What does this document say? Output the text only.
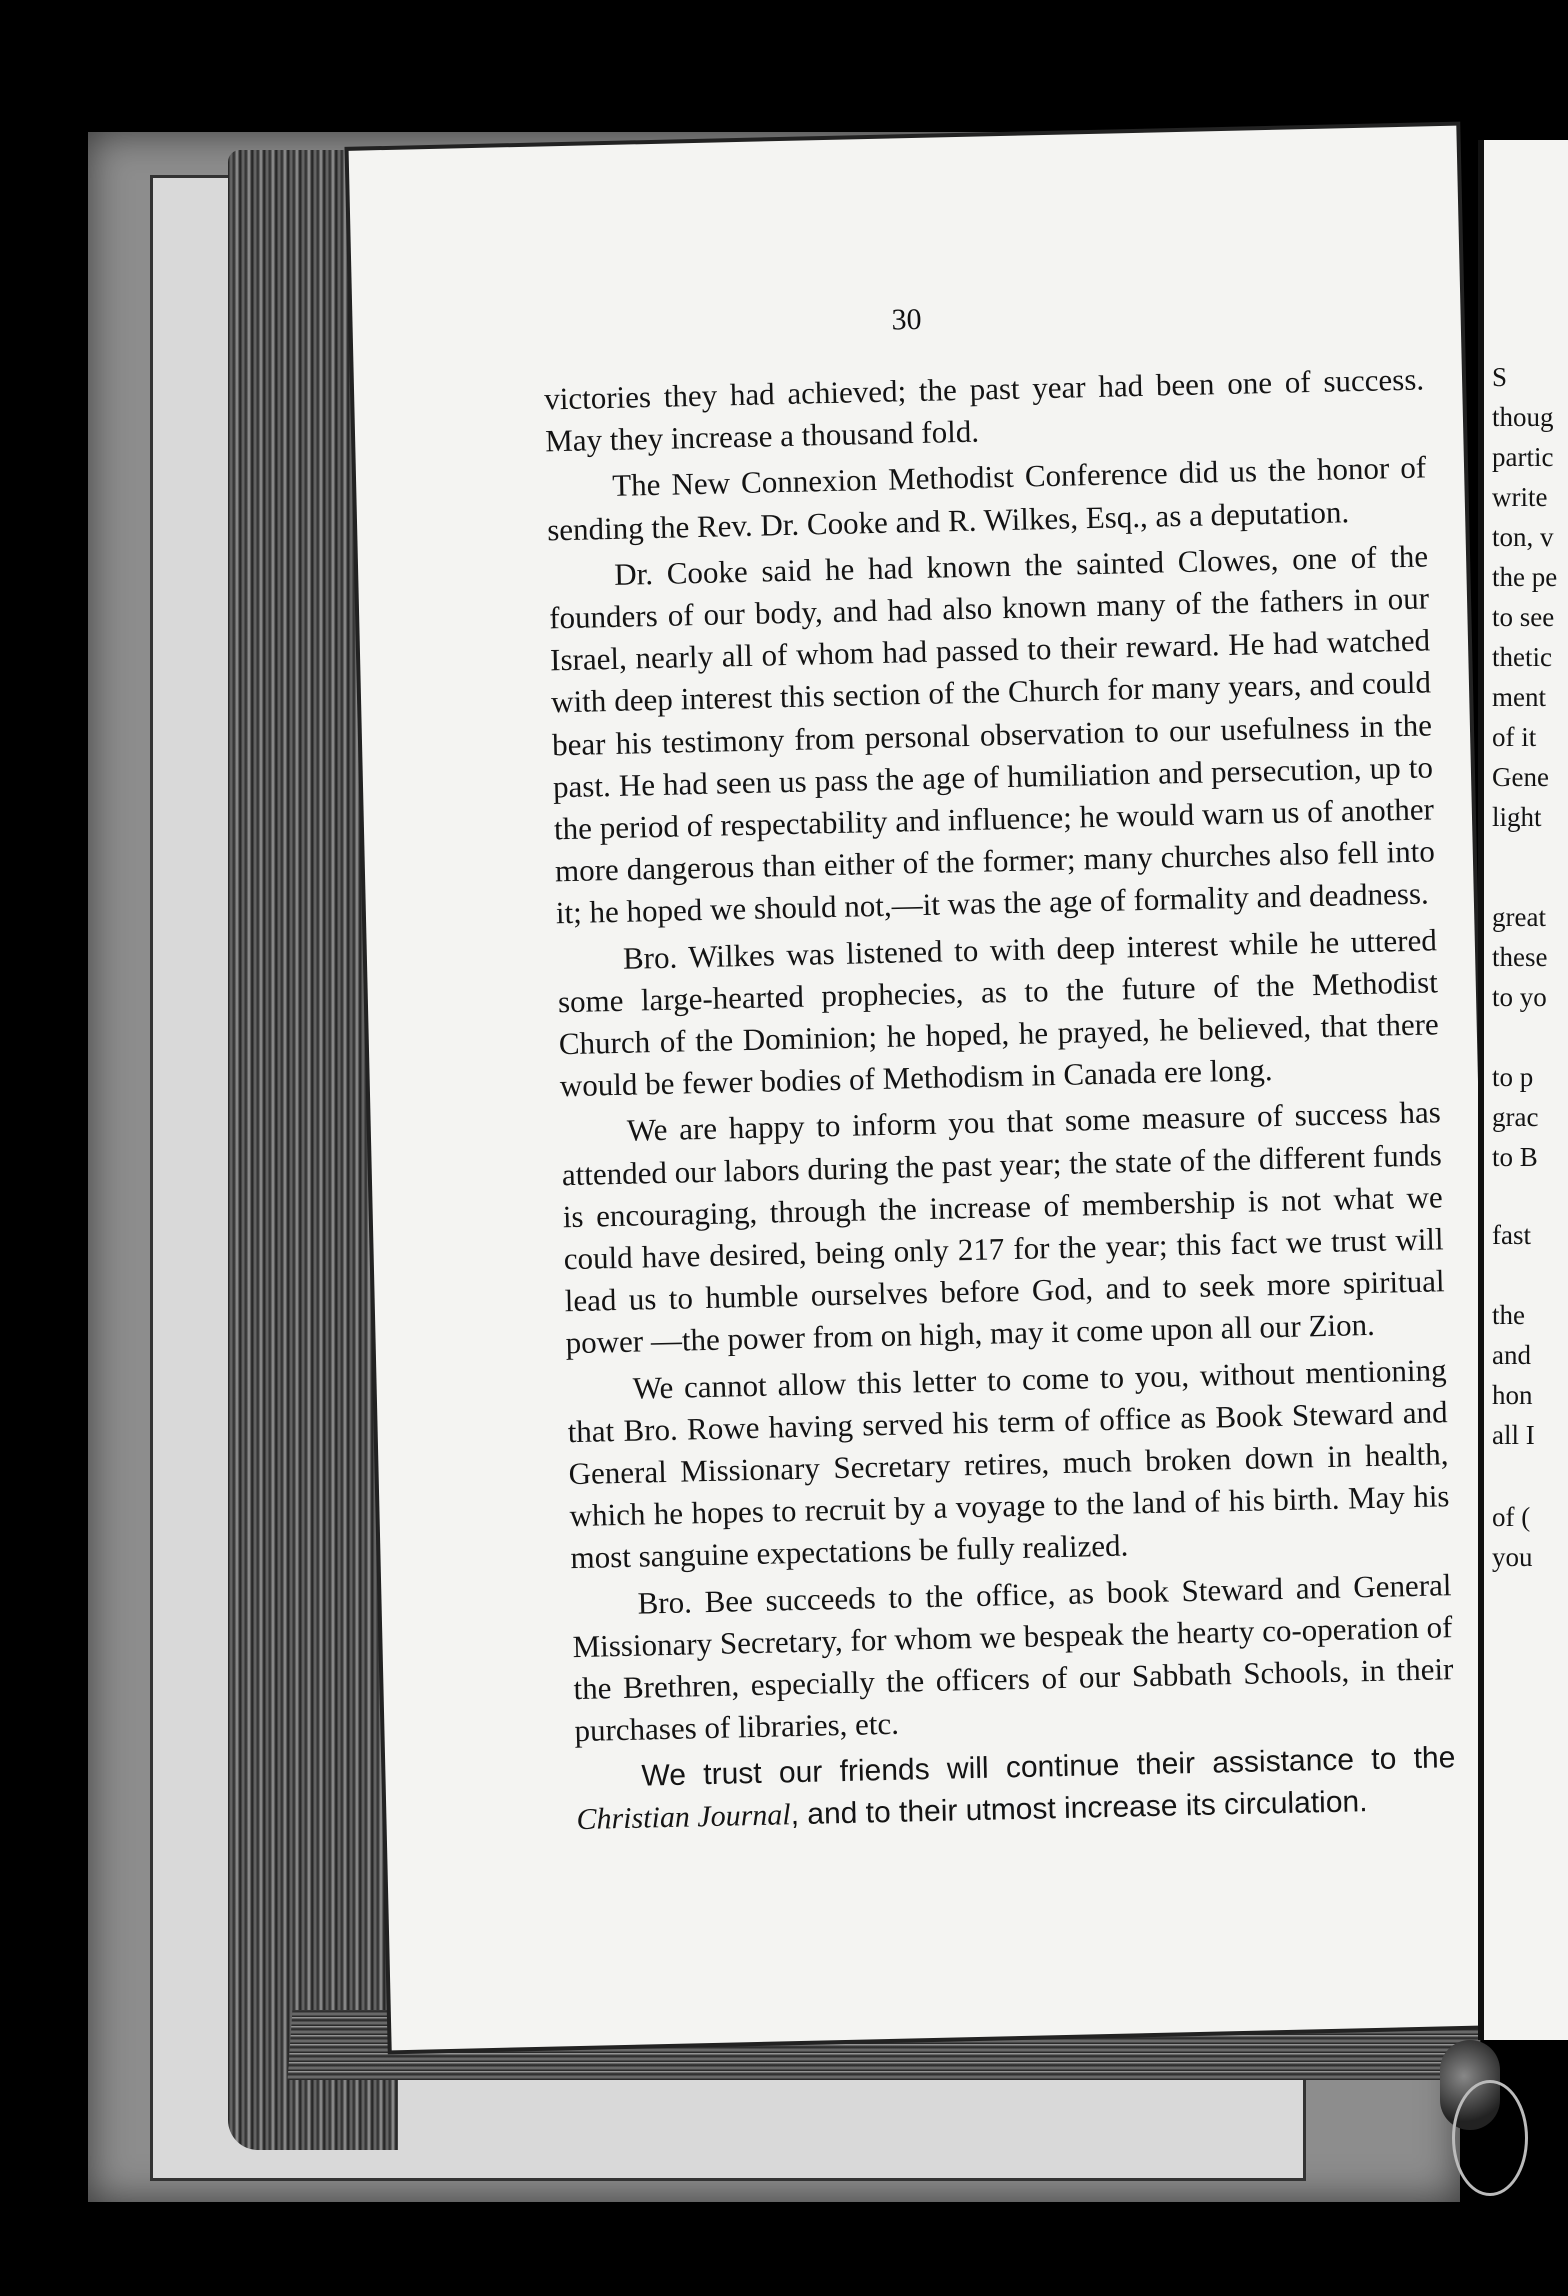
30

victories they had achieved; the past year had been one of success. May they increase a thousand fold.

The New Connexion Methodist Conference did us the honor of sending the Rev. Dr. Cooke and R. Wilkes, Esq., as a deputation.

Dr. Cooke said he had known the sainted Clowes, one of the founders of our body, and had also known many of the fathers in our Israel, nearly all of whom had passed to their reward. He had watched with deep interest this section of the Church for many years, and could bear his testimony from personal observation to our usefulness in the past. He had seen us pass the age of humiliation and persecution, up to the period of respectability and influence; he would warn us of another more dangerous than either of the former; many churches also fell into it; he hoped we should not,—it was the age of formality and deadness.

Bro. Wilkes was listened to with deep interest while he uttered some large-hearted prophecies, as to the future of the Methodist Church of the Dominion; he hoped, he prayed, he believed, that there would be fewer bodies of Methodism in Canada ere long.

We are happy to inform you that some measure of success has attended our labors during the past year; the state of the different funds is encouraging, through the increase of membership is not what we could have desired, being only 217 for the year; this fact we trust will lead us to humble ourselves before God, and to seek more spiritual power —the power from on high, may it come upon all our Zion.

We cannot allow this letter to come to you, without mentioning that Bro. Rowe having served his term of office as Book Steward and General Missionary Secretary retires, much broken down in health, which he hopes to recruit by a voyage to the land of his birth. May his most sanguine expectations be fully realized.

Bro. Bee succeeds to the office, as book Steward and General Missionary Secretary, for whom we bespeak the hearty co-operation of the Brethren, especially the officers of our Sabbath Schools, in their purchases of libraries, etc.

We trust our friends will continue their assistance to the Christian Journal, and to their utmost increase its circulation.

S
thoug
partic
write
ton, v
the pe
to see
thetic
ment
of it
Gene
light
great
these
to yo
to p
grac
to B
fast
the
and
hon
all I
of (
you
